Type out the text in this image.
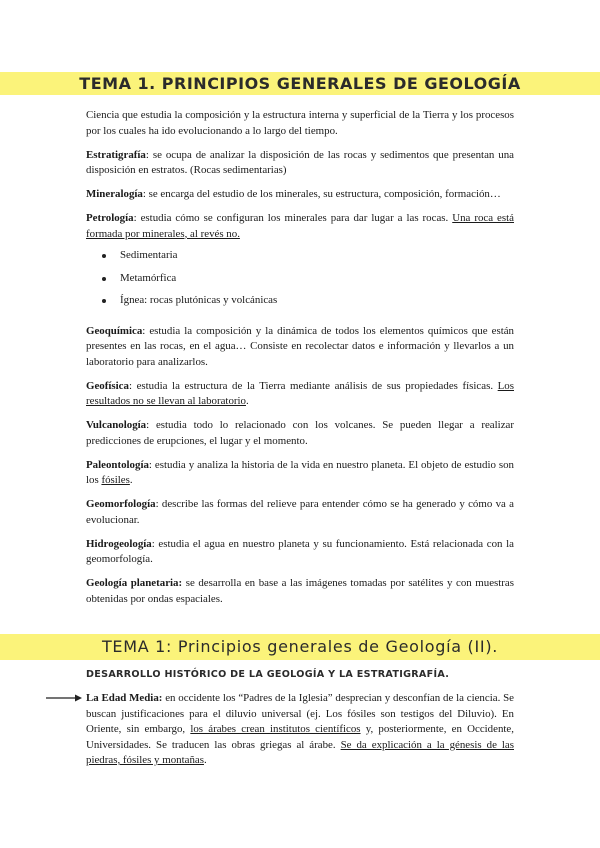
TEMA 1. PRINCIPIOS GENERALES DE GEOLOGÍA

Ciencia que estudia la composición y la estructura interna y superficial de la Tierra y los procesos por los cuales ha ido evolucionando a lo largo del tiempo.

Estratigrafía: se ocupa de analizar la disposición de las rocas y sedimentos que presentan una disposición en estratos. (Rocas sedimentarias)

Mineralogía: se encarga del estudio de los minerales, su estructura, composición, formación…

Petrología: estudia cómo se configuran los minerales para dar lugar a las rocas. Una roca está formada por minerales, al revés no.

Sedimentaria
Metamórfica
Ígnea: rocas plutónicas y volcánicas

Geoquímica: estudia la composición y la dinámica de todos los elementos químicos que están presentes en las rocas, en el agua… Consiste en recolectar datos e información y llevarlos a un laboratorio para analizarlos.

Geofísica: estudia la estructura de la Tierra mediante análisis de sus propiedades físicas. Los resultados no se llevan al laboratorio.

Vulcanología: estudia todo lo relacionado con los volcanes. Se pueden llegar a realizar predicciones de erupciones, el lugar y el momento.

Paleontología: estudia y analiza la historia de la vida en nuestro planeta. El objeto de estudio son los fósiles.

Geomorfología: describe las formas del relieve para entender cómo se ha generado y cómo va a evolucionar.

Hidrogeología: estudia el agua en nuestro planeta y su funcionamiento. Está relacionada con la geomorfología.

Geología planetaria: se desarrolla en base a las imágenes tomadas por satélites y con muestras obtenidas por ondas espaciales.

TEMA 1: Principios generales de Geología (II).
DESARROLLO HISTÓRICO DE LA GEOLOGÍA Y LA ESTRATIGRAFÍA.

La Edad Media: en occidente los “Padres de la Iglesia” desprecian y desconfían de la ciencia. Se buscan justificaciones para el diluvio universal (ej. Los fósiles son testigos del Diluvio). En Oriente, sin embargo, los árabes crean institutos científicos y, posteriormente, en Occidente, Universidades. Se traducen las obras griegas al árabe. Se da explicación a la génesis de las piedras, fósiles y montañas.
